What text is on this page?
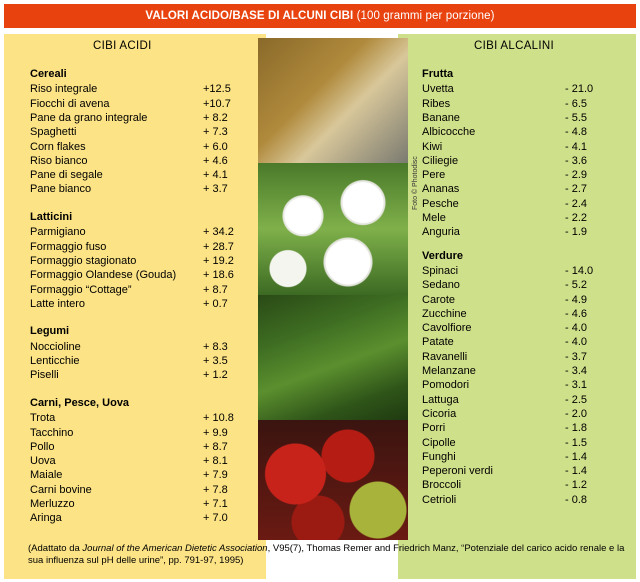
VALORI ACIDO/BASE DI ALCUNI CIBI (100 grammi per porzione)
Foto © Photodisc
CIBI ACIDI	CIBI ALCALINI
Cereali
Riso integrale	+12.5
Fiocchi di avena	+10.7
Pane da grano integrale	+ 8.2
Spaghetti	+ 7.3
Corn flakes	+ 6.0
Riso bianco	+ 4.6
Pane di segale	+ 4.1
Pane bianco	+ 3.7
Latticini
Parmigiano	+ 34.2
Formaggio fuso	+ 28.7
Formaggio stagionato	+ 19.2
Formaggio Olandese (Gouda) + 18.6
Formaggio “Cottage”	+ 8.7
Latte intero	+ 0.7
Legumi
Noccioline	+ 8.3
Lenticchie	+ 3.5
Piselli	+ 1.2
Carni, Pesce, Uova
Trota	+ 10.8
Tacchino	+ 9.9
Pollo	+ 8.7
Uova	+ 8.1
Maiale	+ 7.9
Carni bovine	+ 7.8
Merluzzo	+ 7.1
Aringa	+ 7.0
Frutta
Uvetta	- 21.0
Ribes	- 6.5
Banane	- 5.5
Albicocche	- 4.8
Kiwi	- 4.1
Ciliegie	- 3.6
Pere	- 2.9
Ananas	- 2.7
Pesche	- 2.4
Mele	- 2.2
Anguria	- 1.9
Verdure
Spinaci	- 14.0
Sedano	- 5.2
Carote	- 4.9
Zucchine	- 4.6
Cavolfiore	- 4.0
Patate	- 4.0
Ravanelli	- 3.7
Melanzane	- 3.4
Pomodori	- 3.1
Lattuga	- 2.5
Cicoria	- 2.0
Porri	- 1.8
Cipolle	- 1.5
Funghi	- 1.4
Peperoni verdi	- 1.4
Broccoli	- 1.2
Cetrioli	- 0.8
(Adattato da Journal of the American Dietetic Association, V95(7), Thomas Remer and Friedrich Manz, “Potenziale del carico acido renale e la sua influenza sul pH delle urine”, pp. 791-97, 1995)
